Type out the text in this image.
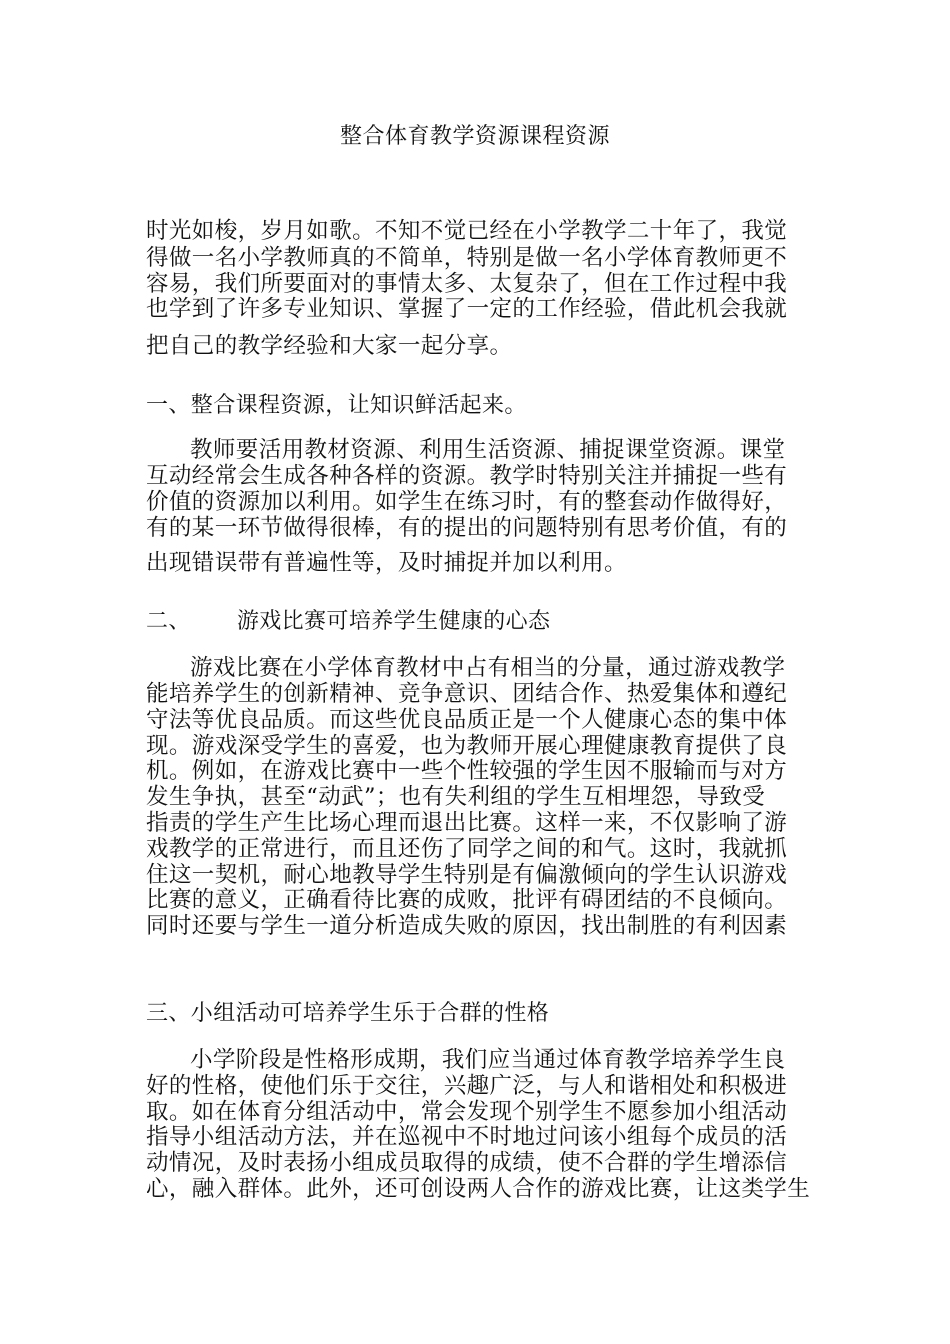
整合体育教学资源课程资源
时光如梭，岁月如歌。不知不觉已经在小学教学二十年了，我觉
得做一名小学教师真的不简单，特别是做一名小学体育教师更不
容易，我们所要面对的事情太多、太复杂了，但在工作过程中我
也学到了许多专业知识、掌握了一定的工作经验，借此机会我就
把自己的教学经验和大家一起分享。
一、整合课程资源，让知识鲜活起来。
教师要活用教材资源、利用生活资源、捕捉课堂资源。课堂
互动经常会生成各种各样的资源。教学时特别关注并捕捉一些有
价值的资源加以利用。如学生在练习时，有的整套动作做得好，
有的某一环节做得很棒，有的提出的问题特别有思考价值，有的
出现错误带有普遍性等，及时捕捉并加以利用。
二、 游戏比赛可培养学生健康的心态
游戏比赛在小学体育教材中占有相当的分量，通过游戏教学
能培养学生的创新精神、竞争意识、团结合作、热爱集体和遵纪
守法等优良品质。而这些优良品质正是一个人健康心态的集中体
现。游戏深受学生的喜爱，也为教师开展心理健康教育提供了良
机。例如，在游戏比赛中一些个性较强的学生因不服输而与对方
发生争执，甚至“动武”；也有失利组的学生互相埋怨，导致受
指责的学生产生比场心理而退出比赛。这样一来，不仅影响了游
戏教学的正常进行，而且还伤了同学之间的和气。这时，我就抓
住这一契机，耐心地教导学生特别是有偏激倾向的学生认识游戏
比赛的意义，正确看待比赛的成败，批评有碍团结的不良倾向。
同时还要与学生一道分析造成失败的原因，找出制胜的有利因素
三、小组活动可培养学生乐于合群的性格
小学阶段是性格形成期，我们应当通过体育教学培养学生良
好的性格，使他们乐于交往，兴趣广泛，与人和谐相处和积极进
取。如在体育分组活动中，常会发现个别学生不愿参加小组活动
指导小组活动方法，并在巡视中不时地过问该小组每个成员的活
动情况，及时表扬小组成员取得的成绩，使不合群的学生增添信
心，融入群体。此外，还可创设两人合作的游戏比赛，让这类学生
